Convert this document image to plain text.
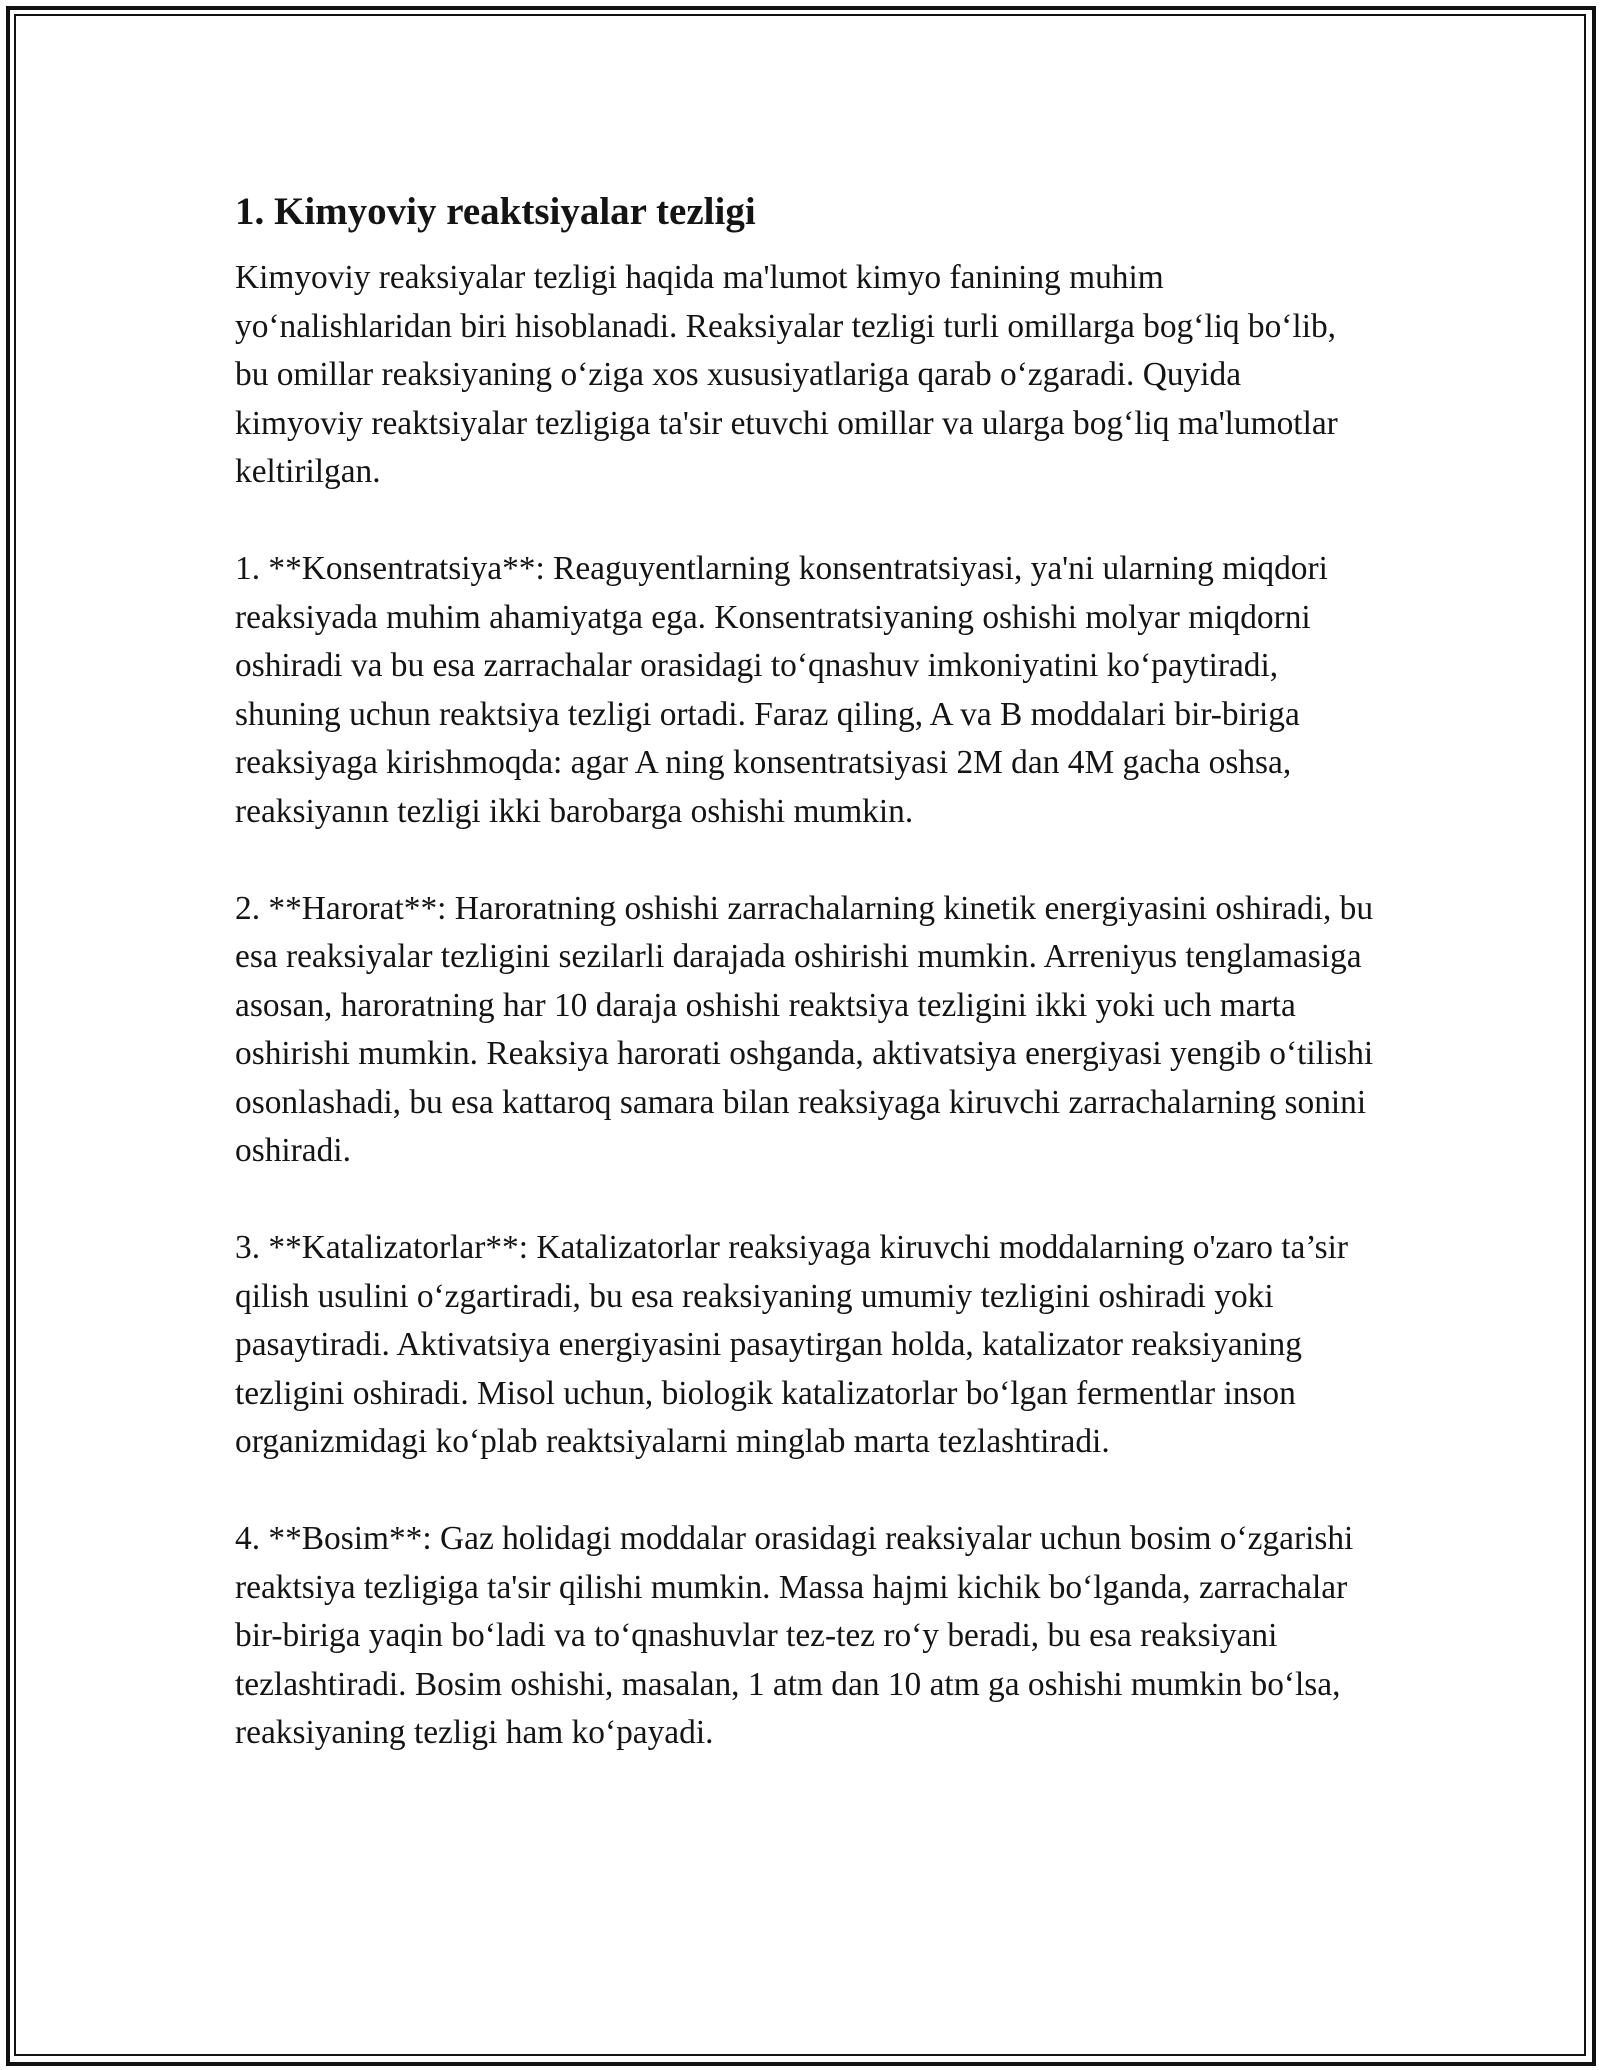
1. Kimyoviy reaktsiyalar tezligi

Kimyoviy reaksiyalar tezligi haqida ma'lumot kimyo fanining muhim yo‘nalishlaridan biri hisoblanadi. Reaksiyalar tezligi turli omillarga bog‘liq bo‘lib, bu omillar reaksiyaning o‘ziga xos xususiyatlariga qarab o‘zgaradi. Quyida kimyoviy reaktsiyalar tezligiga ta'sir etuvchi omillar va ularga bog‘liq ma'lumotlar keltirilgan.

1. **Konsentratsiya**: Reaguyentlarning konsentratsiyasi, ya'ni ularning miqdori reaksiyada muhim ahamiyatga ega. Konsentratsiyaning oshishi molyar miqdorni oshiradi va bu esa zarrachalar orasidagi to‘qnashuv imkoniyatini ko‘paytiradi, shuning uchun reaktsiya tezligi ortadi. Faraz qiling, A va B moddalari bir-biriga reaksiyaga kirishmoqda: agar A ning konsentratsiyasi 2M dan 4M gacha oshsa, reaksiyanın tezligi ikki barobarga oshishi mumkin.

2. **Harorat**: Haroratning oshishi zarrachalarning kinetik energiyasini oshiradi, bu esa reaksiyalar tezligini sezilarli darajada oshirishi mumkin. Arreniyus tenglamasiga asosan, haroratning har 10 daraja oshishi reaktsiya tezligini ikki yoki uch marta oshirishi mumkin. Reaksiya harorati oshganda, aktivatsiya energiyasi yengib o‘tilishi osonlashadi, bu esa kattaroq samara bilan reaksiyaga kiruvchi zarrachalarning sonini oshiradi.

3. **Katalizatorlar**: Katalizatorlar reaksiyaga kiruvchi moddalarning o'zaro ta’sir qilish usulini o‘zgartiradi, bu esa reaksiyaning umumiy tezligini oshiradi yoki pasaytiradi. Aktivatsiya energiyasini pasaytirgan holda, katalizator reaksiyaning tezligini oshiradi. Misol uchun, biologik katalizatorlar bo‘lgan fermentlar inson organizmidagi ko‘plab reaktsiyalarni minglab marta tezlashtiradi.

4. **Bosim**: Gaz holidagi moddalar orasidagi reaksiyalar uchun bosim o‘zgarishi reaktsiya tezligiga ta'sir qilishi mumkin. Massa hajmi kichik bo‘lganda, zarrachalar bir-biriga yaqin bo‘ladi va to‘qnashuvlar tez-tez ro‘y beradi, bu esa reaksiyani tezlashtiradi. Bosim oshishi, masalan, 1 atm dan 10 atm ga oshishi mumkin bo‘lsa, reaksiyaning tezligi ham ko‘payadi.
